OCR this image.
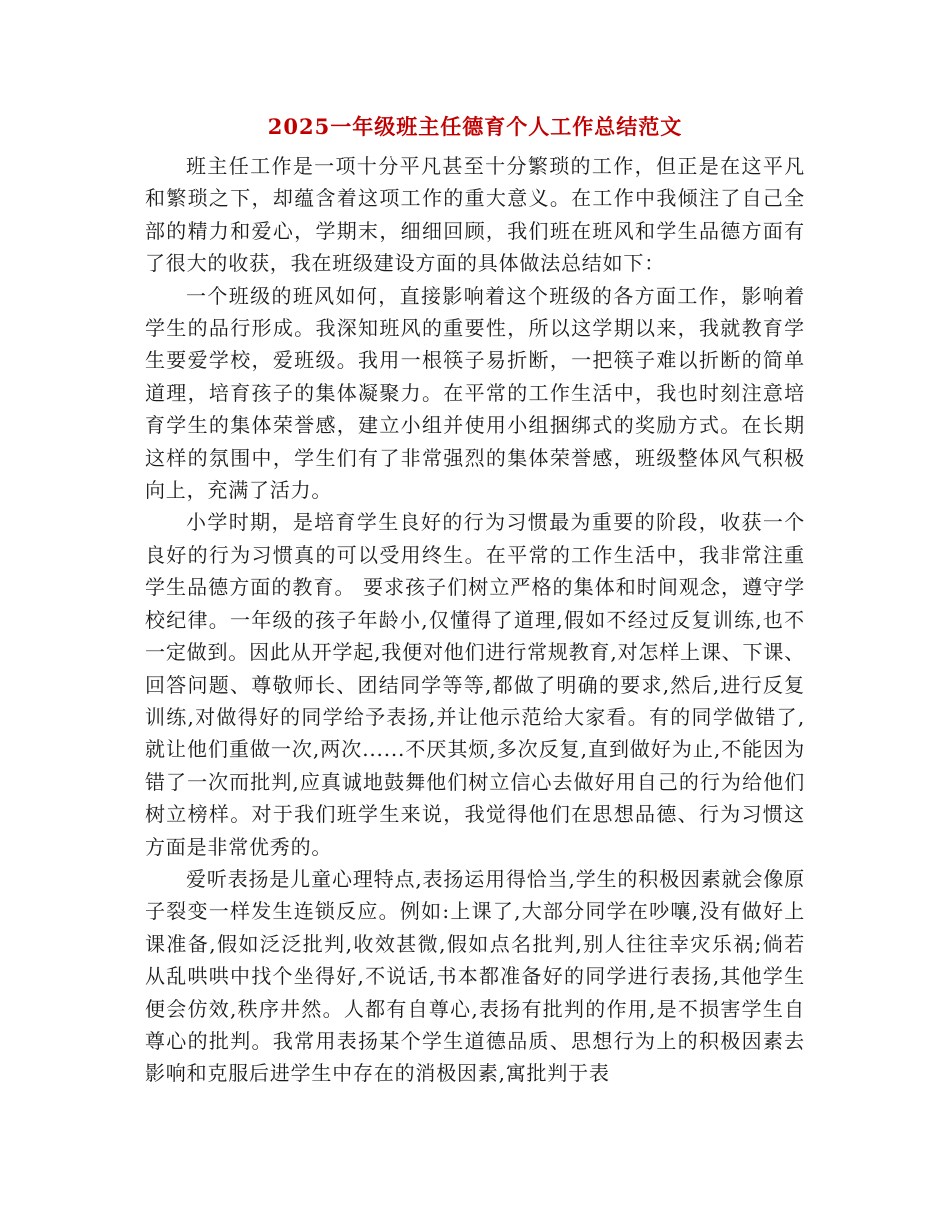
2025一年级班主任德育个人工作总结范文

班主任工作是一项十分平凡甚至十分繁琐的工作，但正是在这平凡和繁琐之下，却蕴含着这项工作的重大意义。在工作中我倾注了自己全部的精力和爱心，学期末，细细回顾，我们班在班风和学生品德方面有了很大的收获，我在班级建设方面的具体做法总结如下：

一个班级的班风如何，直接影响着这个班级的各方面工作，影响着学生的品行形成。我深知班风的重要性，所以这学期以来，我就教育学生要爱学校，爱班级。我用一根筷子易折断，一把筷子难以折断的简单道理，培育孩子的集体凝聚力。在平常的工作生活中，我也时刻注意培育学生的集体荣誉感，建立小组并使用小组捆绑式的奖励方式。在长期这样的氛围中，学生们有了非常强烈的集体荣誉感，班级整体风气积极向上，充满了活力。

小学时期，是培育学生良好的行为习惯最为重要的阶段，收获一个良好的行为习惯真的可以受用终生。在平常的工作生活中，我非常注重学生品德方面的教育。 要求孩子们树立严格的集体和时间观念，遵守学校纪律。一年级的孩子年龄小,仅懂得了道理,假如不经过反复训练,也不一定做到。因此从开学起,我便对他们进行常规教育,对怎样上课、下课、回答问题、尊敬师长、团结同学等等,都做了明确的要求,然后,进行反复训练,对做得好的同学给予表扬,并让他示范给大家看。有的同学做错了,就让他们重做一次,两次......不厌其烦,多次反复,直到做好为止,不能因为错了一次而批判,应真诚地鼓舞他们树立信心去做好用自己的行为给他们树立榜样。对于我们班学生来说，我觉得他们在思想品德、行为习惯这方面是非常优秀的。

爱听表扬是儿童心理特点,表扬运用得恰当,学生的积极因素就会像原子裂变一样发生连锁反应。例如:上课了,大部分同学在吵嚷,没有做好上课准备,假如泛泛批判,收效甚微,假如点名批判,别人往往幸灾乐祸;倘若从乱哄哄中找个坐得好,不说话,书本都准备好的同学进行表扬,其他学生便会仿效,秩序井然。人都有自尊心,表扬有批判的作用,是不损害学生自尊心的批判。我常用表扬某个学生道德品质、思想行为上的积极因素去影响和克服后进学生中存在的消极因素,寓批判于表
